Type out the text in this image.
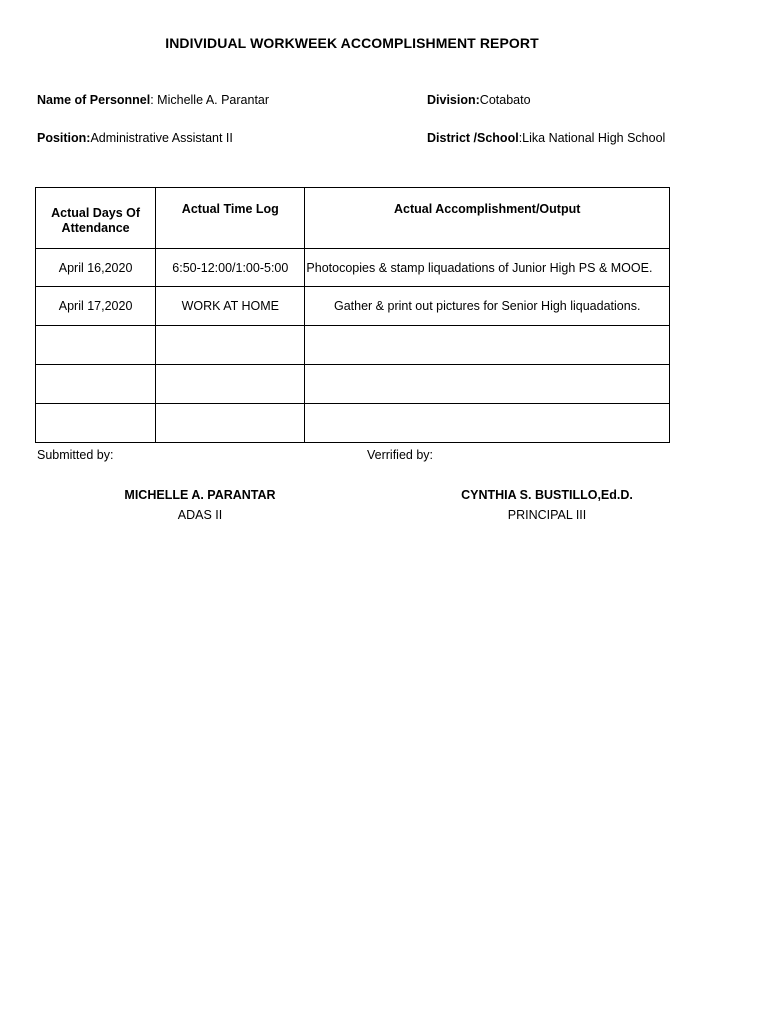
INDIVIDUAL WORKWEEK ACCOMPLISHMENT REPORT
Name of Personnel: Michelle A. Parantar	Division:Cotabato
Position:Administrative Assistant II	District /School:Lika National High School
Actual Days Of Attendance	Actual Time Log	Actual Accomplishment/Output
April 16,2020	6:50-12:00/1:00-5:00	Photocopies & stamp liquadations of Junior High PS & MOOE.
April 17,2020	WORK AT HOME	Gather & print out pictures for Senior High liquadations.

Submitted by:	Verrified by:
MICHELLE A. PARANTAR
ADAS II
CYNTHIA S. BUSTILLO,Ed.D.
PRINCIPAL III
